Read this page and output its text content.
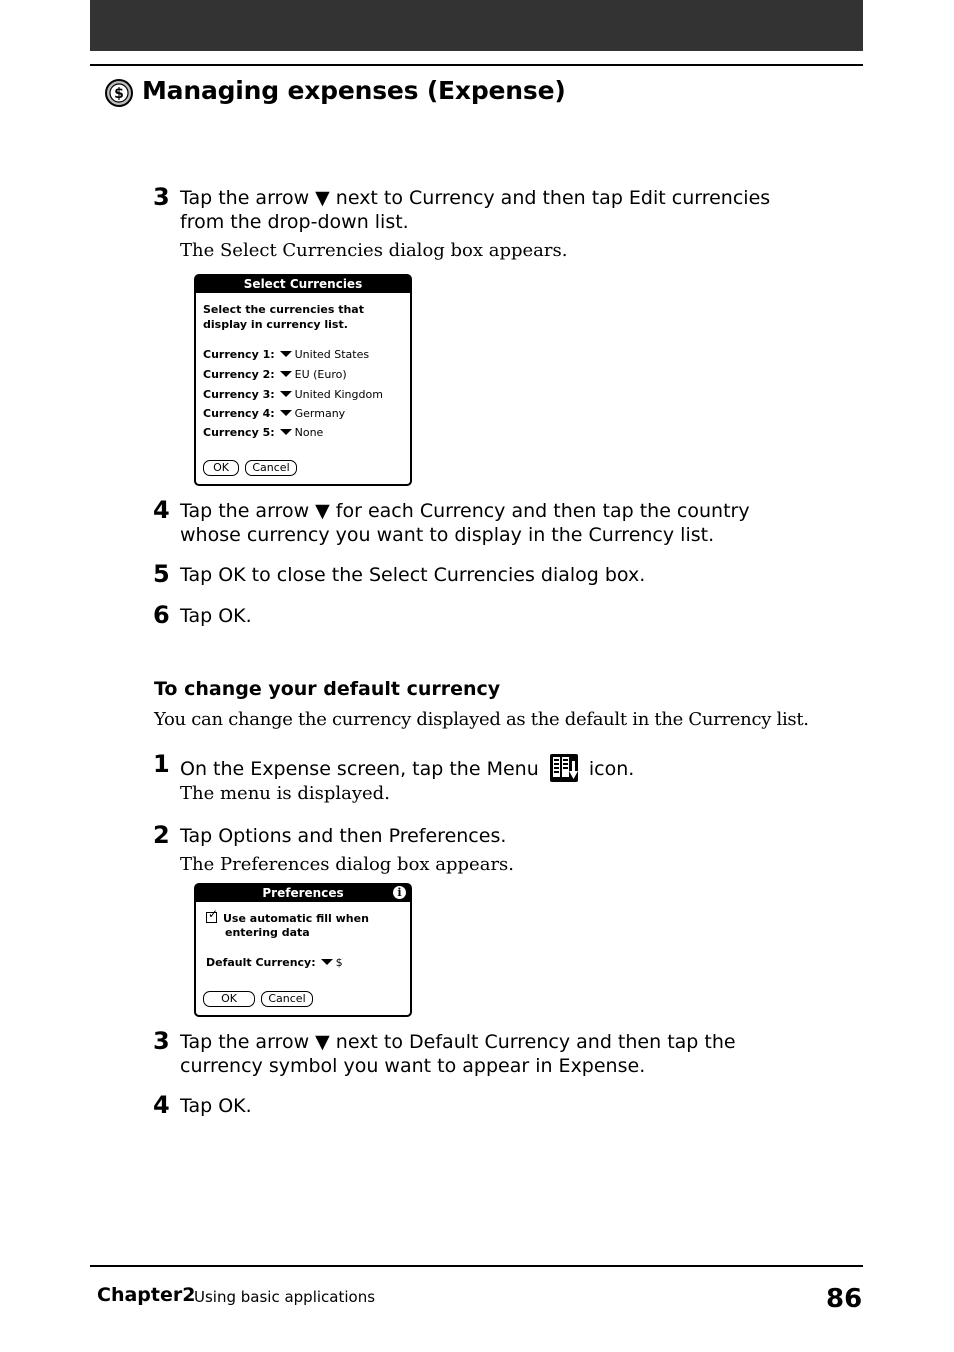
$ Managing expenses (Expense)
3 Tap the arrow ▼ next to Currency and then tap Edit currencies
from the drop-down list.
The Select Currencies dialog box appears.
Select Currencies
Select the currencies that
display in currency list.
Currency 1: United States
Currency 2: EU (Euro)
Currency 3: United Kingdom
Currency 4: Germany
Currency 5: None
OK	Cancel
4 Tap the arrow ▼ for each Currency and then tap the country
whose currency you want to display in the Currency list.
5 Tap OK to close the Select Currencies dialog box.
6 Tap OK.
To change your default currency
You can change the currency displayed as the default in the Currency list.
1 On the Expense screen, tap the Menu	icon.
The menu is displayed.
2 Tap Options and then Preferences.
The Preferences dialog box appears.
Preferences	i
✓Use automatic fill when
entering data
Default Currency: $
OK	Cancel
3 Tap the arrow ▼ next to Default Currency and then tap the
currency symbol you want to appear in Expense.
4 Tap OK.
Chapter2
Using basic applications	86
